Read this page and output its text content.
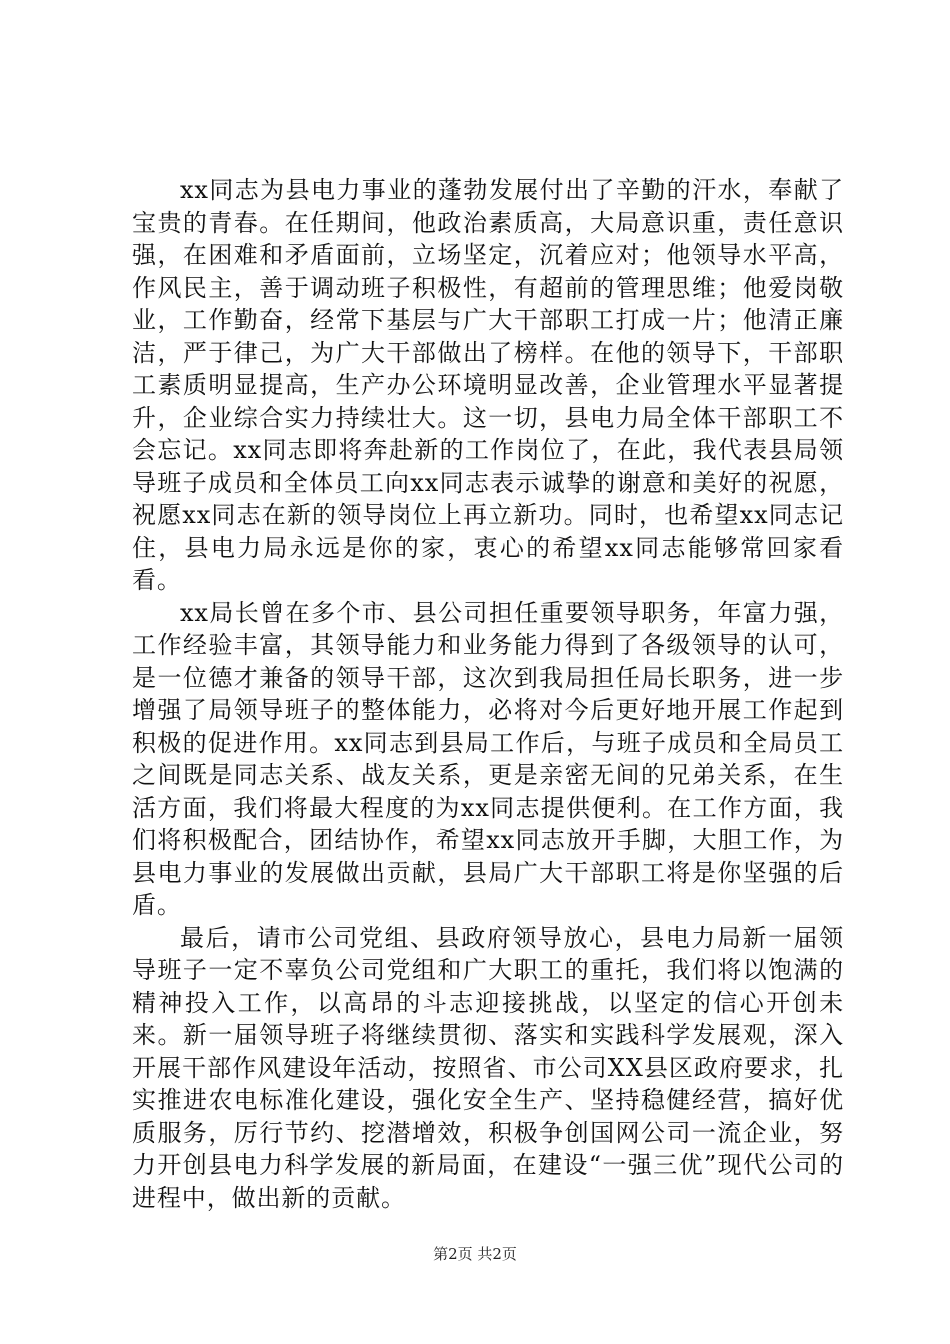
xx同志为县电力事业的蓬勃发展付出了辛勤的汗水，奉献了宝贵的青春。在任期间，他政治素质高，大局意识重，责任意识强，在困难和矛盾面前，立场坚定，沉着应对；他领导水平高，作风民主，善于调动班子积极性，有超前的管理思维；他爱岗敬业，工作勤奋，经常下基层与广大干部职工打成一片；他清正廉洁，严于律己，为广大干部做出了榜样。在他的领导下，干部职工素质明显提高，生产办公环境明显改善，企业管理水平显著提升，企业综合实力持续壮大。这一切，县电力局全体干部职工不会忘记。xx同志即将奔赴新的工作岗位了，在此，我代表县局领导班子成员和全体员工向xx同志表示诚挚的谢意和美好的祝愿，祝愿xx同志在新的领导岗位上再立新功。同时，也希望xx同志记住，县电力局永远是你的家，衷心的希望xx同志能够常回家看看。

xx局长曾在多个市、县公司担任重要领导职务，年富力强，工作经验丰富，其领导能力和业务能力得到了各级领导的认可，是一位德才兼备的领导干部，这次到我局担任局长职务，进一步增强了局领导班子的整体能力，必将对今后更好地开展工作起到积极的促进作用。xx同志到县局工作后，与班子成员和全局员工之间既是同志关系、战友关系，更是亲密无间的兄弟关系，在生活方面，我们将最大程度的为xx同志提供便利。在工作方面，我们将积极配合，团结协作，希望xx同志放开手脚，大胆工作，为县电力事业的发展做出贡献，县局广大干部职工将是你坚强的后盾。

最后，请市公司党组、县政府领导放心，县电力局新一届领导班子一定不辜负公司党组和广大职工的重托，我们将以饱满的精神投入工作，以高昂的斗志迎接挑战，以坚定的信心开创未来。新一届领导班子将继续贯彻、落实和实践科学发展观，深入开展干部作风建设年活动，按照省、市公司XX县区政府要求，扎实推进农电标准化建设，强化安全生产、坚持稳健经营，搞好优质服务，厉行节约、挖潜增效，积极争创国网公司一流企业，努力开创县电力科学发展的新局面，在建设“一强三优”现代公司的进程中，做出新的贡献。

第2页 共2页
